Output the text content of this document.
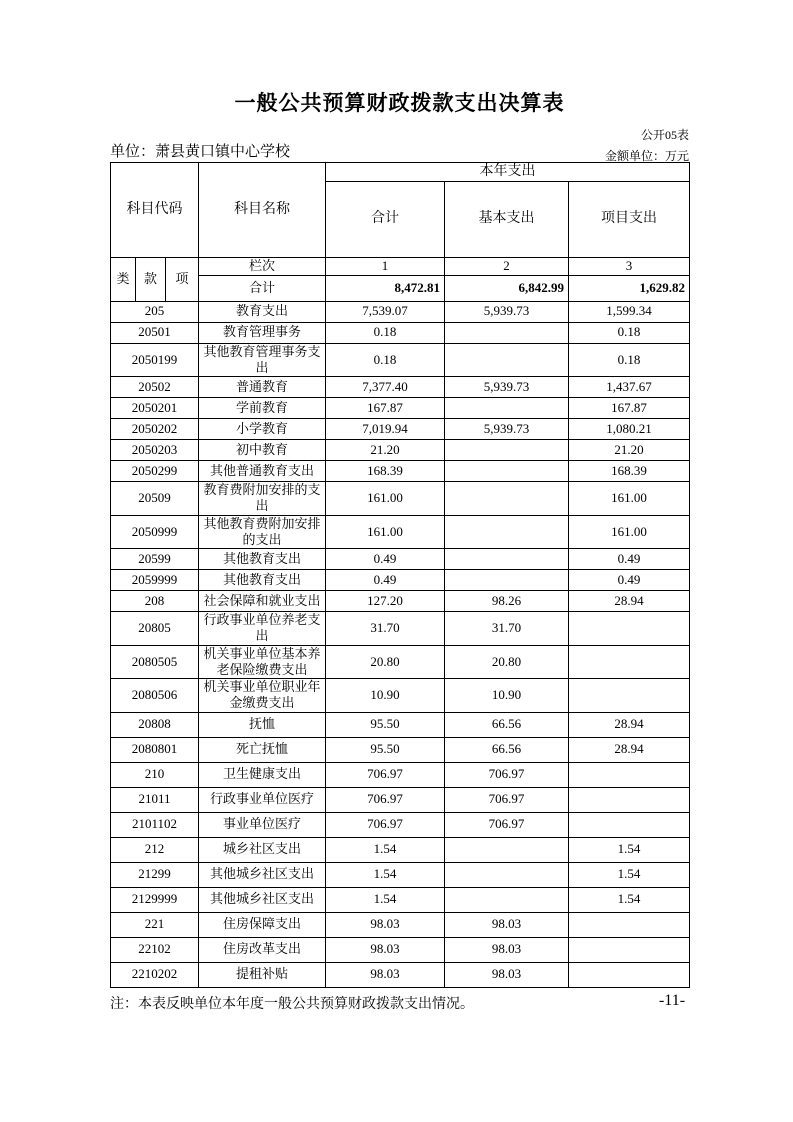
一般公共预算财政拨款支出决算表
公开05表
单位：萧县黄口镇中心学校	金额单位：万元
科目代码			科目名称	本年支出		
				合计	基本支出	项目支出
类	款	项	栏次	1	2	3
			合计	8,472.81	6,842.99	1,629.82
205			教育支出	7,539.07	5,939.73	1,599.34
20501			教育管理事务	0.18		0.18
2050199			其他教育管理事务支出	0.18		0.18
20502			普通教育	7,377.40	5,939.73	1,437.67
2050201			学前教育	167.87		167.87
2050202			小学教育	7,019.94	5,939.73	1,080.21
2050203			初中教育	21.20		21.20
2050299			其他普通教育支出	168.39		168.39
20509			教育费附加安排的支出	161.00		161.00
2050999			其他教育费附加安排的支出	161.00		161.00
20599			其他教育支出	0.49		0.49
2059999			其他教育支出	0.49		0.49
208			社会保障和就业支出	127.20	98.26	28.94
20805			行政事业单位养老支出	31.70	31.70	
2080505			机关事业单位基本养老保险缴费支出	20.80	20.80	
2080506			机关事业单位职业年金缴费支出	10.90	10.90	
20808			抚恤	95.50	66.56	28.94
2080801			死亡抚恤	95.50	66.56	28.94
210			卫生健康支出	706.97	706.97	
21011			行政事业单位医疗	706.97	706.97	
2101102			事业单位医疗	706.97	706.97	
212			城乡社区支出	1.54		1.54
21299			其他城乡社区支出	1.54		1.54
2129999			其他城乡社区支出	1.54		1.54
221			住房保障支出	98.03	98.03	
22102			住房改革支出	98.03	98.03	
2210202			提租补贴	98.03	98.03	
注：本表反映单位本年度一般公共预算财政拨款支出情况。	-11-
